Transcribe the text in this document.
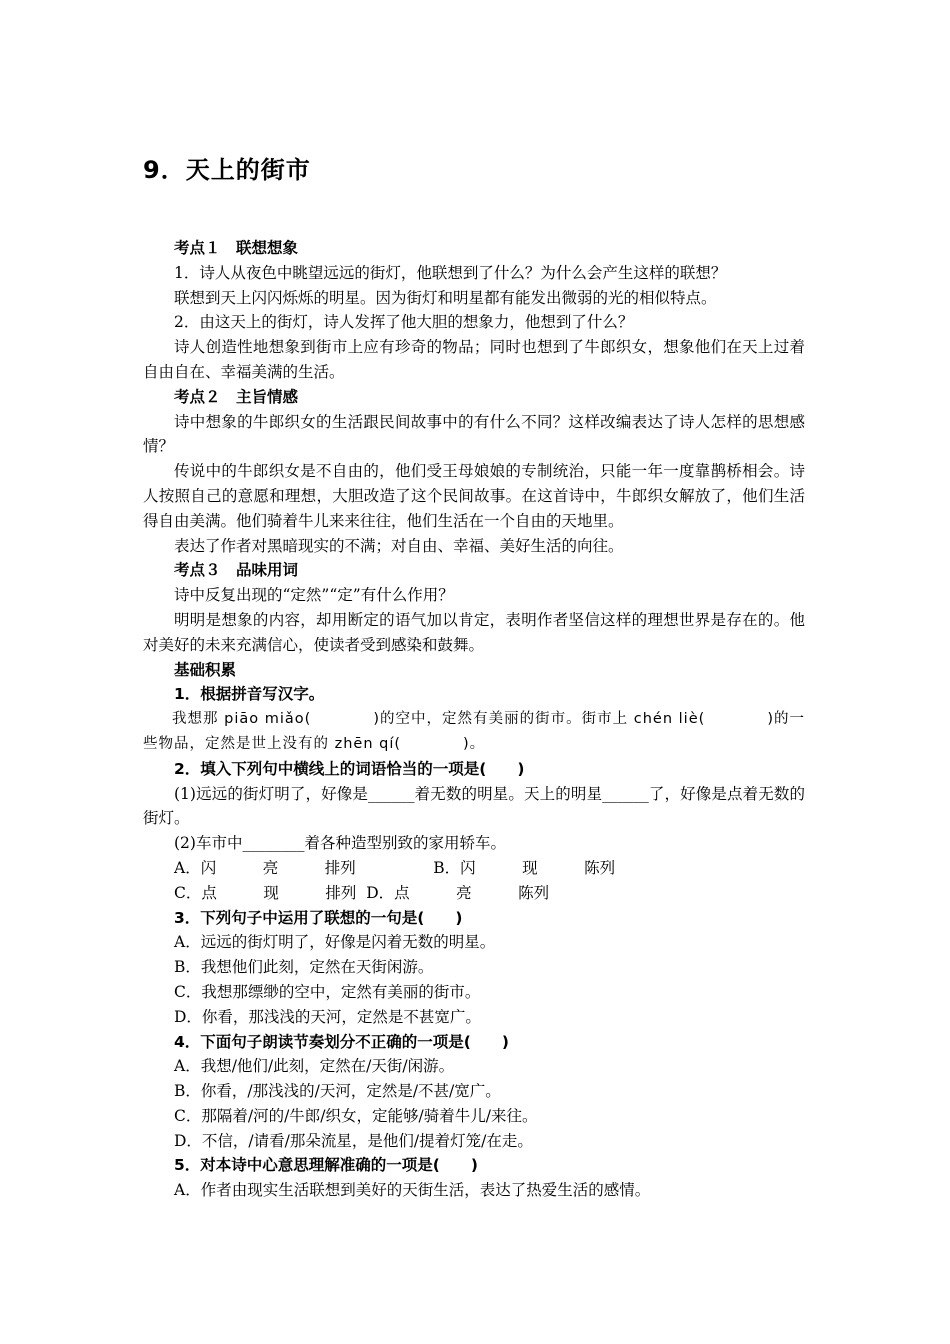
9．天上的街市

考点１　联想想象

1．诗人从夜色中眺望远远的街灯，他联想到了什么？为什么会产生这样的联想？

联想到天上闪闪烁烁的明星。因为街灯和明星都有能发出微弱的光的相似特点。

2．由这天上的街灯，诗人发挥了他大胆的想象力，他想到了什么？

诗人创造性地想象到街市上应有珍奇的物品；同时也想到了牛郎织女，想象他们在天上过着自由自在、幸福美满的生活。

考点２　主旨情感

诗中想象的牛郎织女的生活跟民间故事中的有什么不同？这样改编表达了诗人怎样的思想感情？

传说中的牛郎织女是不自由的，他们受王母娘娘的专制统治，只能一年一度靠鹊桥相会。诗人按照自己的意愿和理想，大胆改造了这个民间故事。在这首诗中，牛郎织女解放了，他们生活得自由美满。他们骑着牛儿来来往往，他们生活在一个自由的天地里。

表达了作者对黑暗现实的不满；对自由、幸福、美好生活的向往。

考点３　品味用词

诗中反复出现的“定然”“定”有什么作用？

明明是想象的内容，却用断定的语气加以肯定，表明作者坚信这样的理想世界是存在的。他对美好的未来充满信心，使读者受到感染和鼓舞。

基础积累

1．根据拼音写汉字。

我想那 piāo miǎo(　　　　)的空中，定然有美丽的街市。街市上 chén liè(　　　　)的一些物品，定然是世上没有的 zhēn qí(　　　　)。

2．填入下列句中横线上的词语恰当的一项是(　　)

(1)远远的街灯明了，好像是______着无数的明星。天上的明星______了，好像是点着无数的街灯。

(2)车市中________着各种造型别致的家用轿车。

A．闪　　　亮　　　排列　　　　　B．闪　　　现　　　陈列

C．点　　　现　　　排列  D．点　　　亮　　　陈列

3．下列句子中运用了联想的一句是(　　)

A．远远的街灯明了，好像是闪着无数的明星。

B．我想他们此刻，定然在天街闲游。

C．我想那缥缈的空中，定然有美丽的街市。

D．你看，那浅浅的天河，定然是不甚宽广。

4．下面句子朗读节奏划分不正确的一项是(　　)

A．我想/他们/此刻，定然在/天街/闲游。

B．你看，/那浅浅的/天河，定然是/不甚/宽广。

C．那隔着/河的/牛郎/织女，定能够/骑着牛儿/来往。

D．不信，/请看/那朵流星，是他们/提着灯笼/在走。

5．对本诗中心意思理解准确的一项是(　　)

A．作者由现实生活联想到美好的天街生活，表达了热爱生活的感情。
